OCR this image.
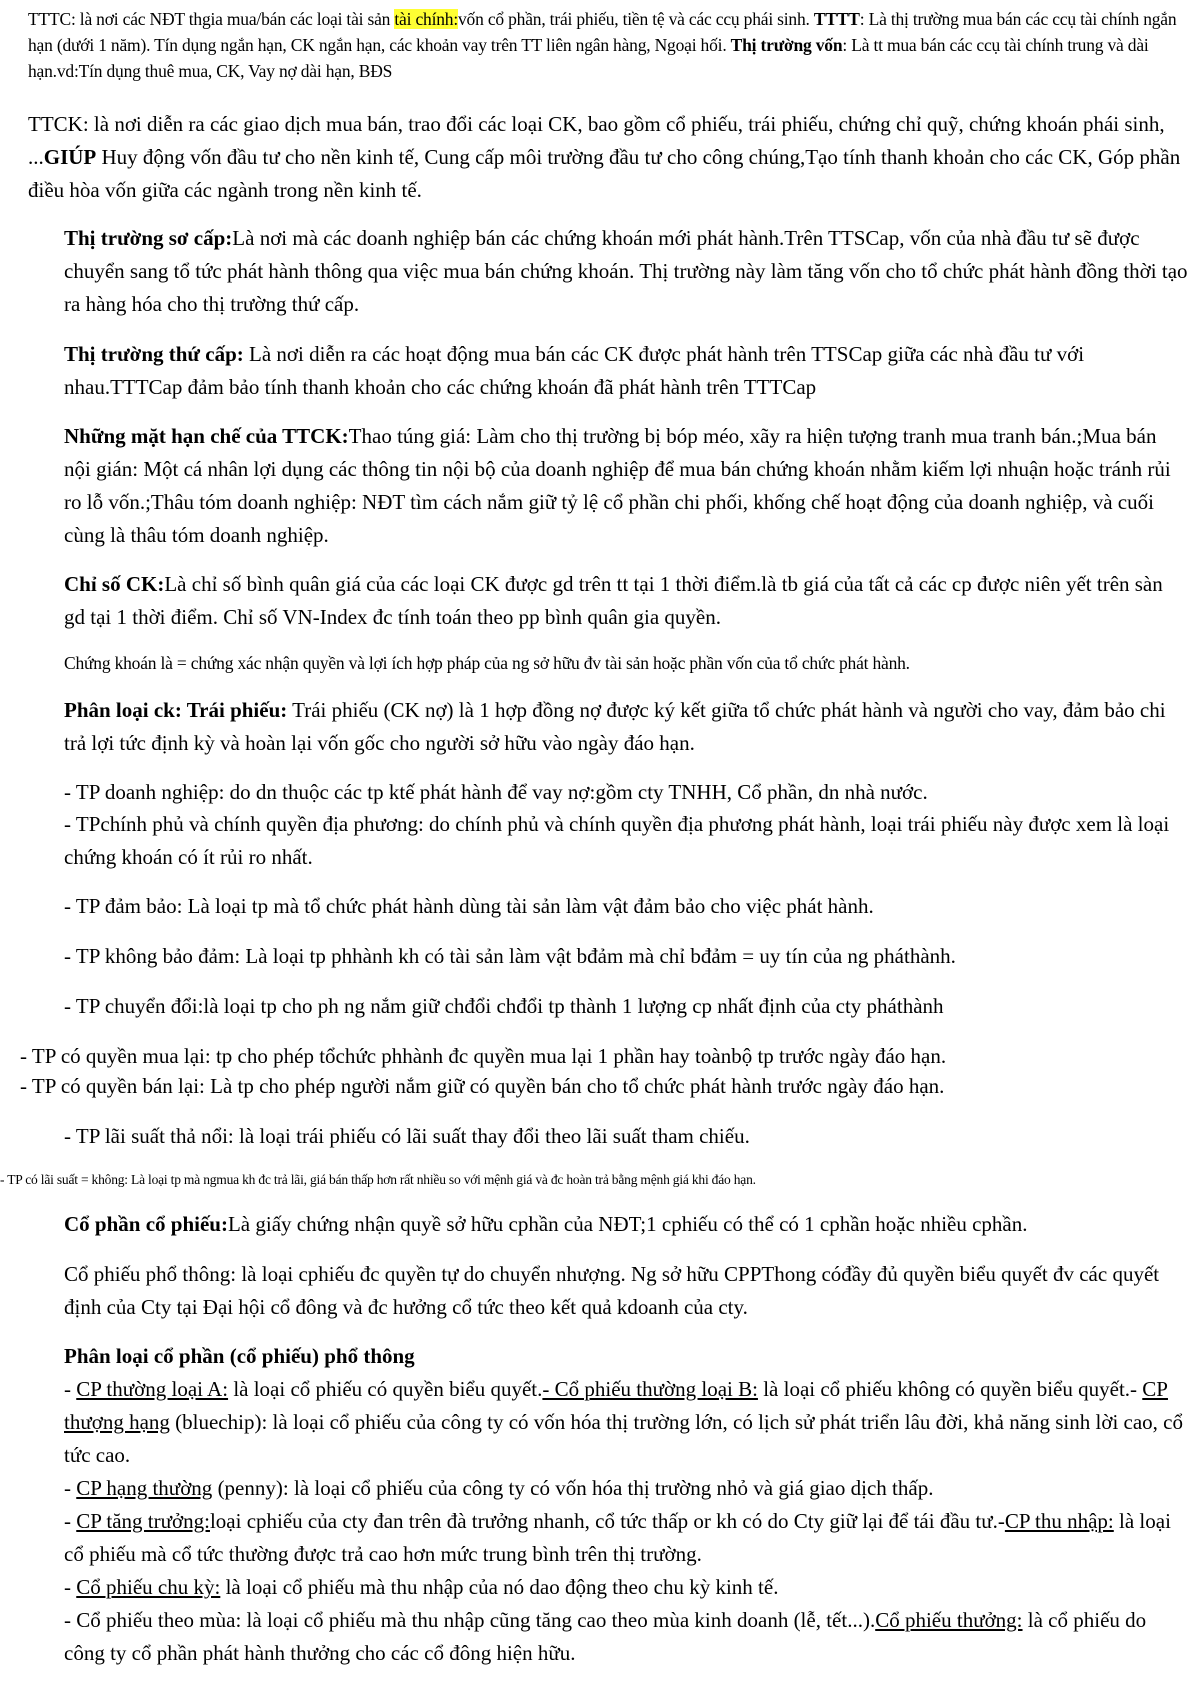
TTTC: là nơi các NĐT thgia mua/bán các loại tài sản tài chính:vốn cổ phần, trái phiếu, tiền tệ và các ccụ phái sinh. TTTT: Là thị trường mua bán các ccụ tài chính ngắn hạn (dưới 1 năm). Tín dụng ngắn hạn, CK ngắn hạn, các khoản vay trên TT liên ngân hàng, Ngoại hối. Thị trường vốn: Là tt mua bán các ccụ tài chính trung và dài hạn.vd:Tín dụng thuê mua, CK, Vay nợ dài hạn, BĐS

TTCK: là nơi diễn ra các giao dịch mua bán, trao đổi các loại CK, bao gồm cổ phiếu, trái phiếu, chứng chỉ quỹ, chứng khoán phái sinh, ...GIÚP Huy động vốn đầu tư cho nền kinh tế, Cung cấp môi trường đầu tư cho công chúng,Tạo tính thanh khoản cho các CK, Góp phần điều hòa vốn giữa các ngành trong nền kinh tế.

Thị trường sơ cấp:Là nơi mà các doanh nghiệp bán các chứng khoán mới phát hành.Trên TTSCap, vốn của nhà đầu tư sẽ được chuyển sang tổ tức phát hành thông qua việc mua bán chứng khoán. Thị trường này làm tăng vốn cho tổ chức phát hành đồng thời tạo ra hàng hóa cho thị trường thứ cấp.

Thị trường thứ cấp: Là nơi diễn ra các hoạt động mua bán các CK được phát hành trên TTSCap giữa các nhà đầu tư với nhau.TTTCap đảm bảo tính thanh khoản cho các chứng khoán đã phát hành trên TTTCap

Những mặt hạn chế của TTCK:Thao túng giá: Làm cho thị trường bị bóp méo, xãy ra hiện tượng tranh mua tranh bán.;Mua bán nội gián: Một cá nhân lợi dụng các thông tin nội bộ của doanh nghiệp để mua bán chứng khoán nhằm kiếm lợi nhuận hoặc tránh rủi ro lỗ vốn.;Thâu tóm doanh nghiệp: NĐT tìm cách nắm giữ tỷ lệ cổ phần chi phối, khống chế hoạt động của doanh nghiệp, và cuối cùng là thâu tóm doanh nghiệp.

Chỉ số CK:Là chỉ số bình quân giá của các loại CK được gd trên tt tại 1 thời điểm.là tb giá của tất cả các cp được niên yết trên sàn gd tại 1 thời điểm. Chỉ số VN-Index đc tính toán theo pp bình quân gia quyền.

Chứng khoán là = chứng xác nhận quyền và lợi ích hợp pháp của ng sở hữu đv tài sản hoặc phần vốn của tổ chức phát hành.

Phân loại ck: Trái phiếu: Trái phiếu (CK nợ) là 1 hợp đồng nợ được ký kết giữa tổ chức phát hành và người cho vay, đảm bảo chi trả lợi tức định kỳ và hoàn lại vốn gốc cho người sở hữu vào ngày đáo hạn.

- TP doanh nghiệp: do dn thuộc các tp ktế phát hành để vay nợ:gồm cty TNHH, Cổ phần, dn nhà nước.

- TPchính phủ và chính quyền địa phương: do chính phủ và chính quyền địa phương phát hành, loại trái phiếu này được xem là loại chứng khoán có ít rủi ro nhất.

- TP đảm bảo: Là loại tp mà tổ chức phát hành dùng tài sản làm vật đảm bảo cho việc phát hành.

- TP không bảo đảm: Là loại tp phhành kh có tài sản làm vật bđảm mà chỉ bđảm = uy tín của ng pháthành.

- TP chuyển đổi:là loại tp cho ph ng nắm giữ chđổi chđổi tp thành 1 lượng cp nhất định của cty pháthành

- TP có quyền mua lại: tp cho phép tổchức phhành đc quyền mua lại 1 phần hay toànbộ tp trước ngày đáo hạn.

- TP có quyền bán lại: Là tp cho phép người nắm giữ có quyền bán cho tổ chức phát hành trước ngày đáo hạn.

- TP lãi suất thả nổi: là loại trái phiếu có lãi suất thay đổi theo lãi suất tham chiếu.

- TP có lãi suất = không: Là loại tp mà ngmua kh đc trả lãi, giá bán thấp hơn rất nhiều so với mệnh giá và đc hoàn trả bằng mệnh giá khi đáo hạn.

Cổ phần cổ phiếu:Là giấy chứng nhận quyề sở hữu cphần của NĐT;1 cphiếu có thể có 1 cphần hoặc nhiều cphần.

Cổ phiếu phổ thông: là loại cphiếu đc quyền tự do chuyển nhượng. Ng sở hữu CPPThong cóđầy đủ quyền biểu quyết đv các quyết định của Cty tại Đại hội cổ đông và đc hưởng cổ tức theo kết quả kdoanh của cty.

Phân loại cổ phần (cổ phiếu) phổ thông
- CP thường loại A: là loại cổ phiếu có quyền biểu quyết.- Cổ phiếu thường loại B: là loại cổ phiếu không có quyền biểu quyết.- CP thượng hạng (bluechip): là loại cổ phiếu của công ty có vốn hóa thị trường lớn, có lịch sử phát triển lâu đời, khả năng sinh lời cao, cổ tức cao.
- CP hạng thường (penny): là loại cổ phiếu của công ty có vốn hóa thị trường nhỏ và giá giao dịch thấp.
- CP tăng trưởng:loại cphiếu của cty đan trên đà trưởng nhanh, cổ tức thấp or kh có do Cty giữ lại để tái đầu tư.-CP thu nhập: là loại cổ phiếu mà cổ tức thường được trả cao hơn mức trung bình trên thị trường.
- Cổ phiếu chu kỳ: là loại cổ phiếu mà thu nhập của nó dao động theo chu kỳ kinh tế.
- Cổ phiếu theo mùa: là loại cổ phiếu mà thu nhập cũng tăng cao theo mùa kinh doanh (lễ, tết...).Cổ phiếu thưởng: là cổ phiếu do công ty cổ phần phát hành thưởng cho các cổ đông hiện hữu.
